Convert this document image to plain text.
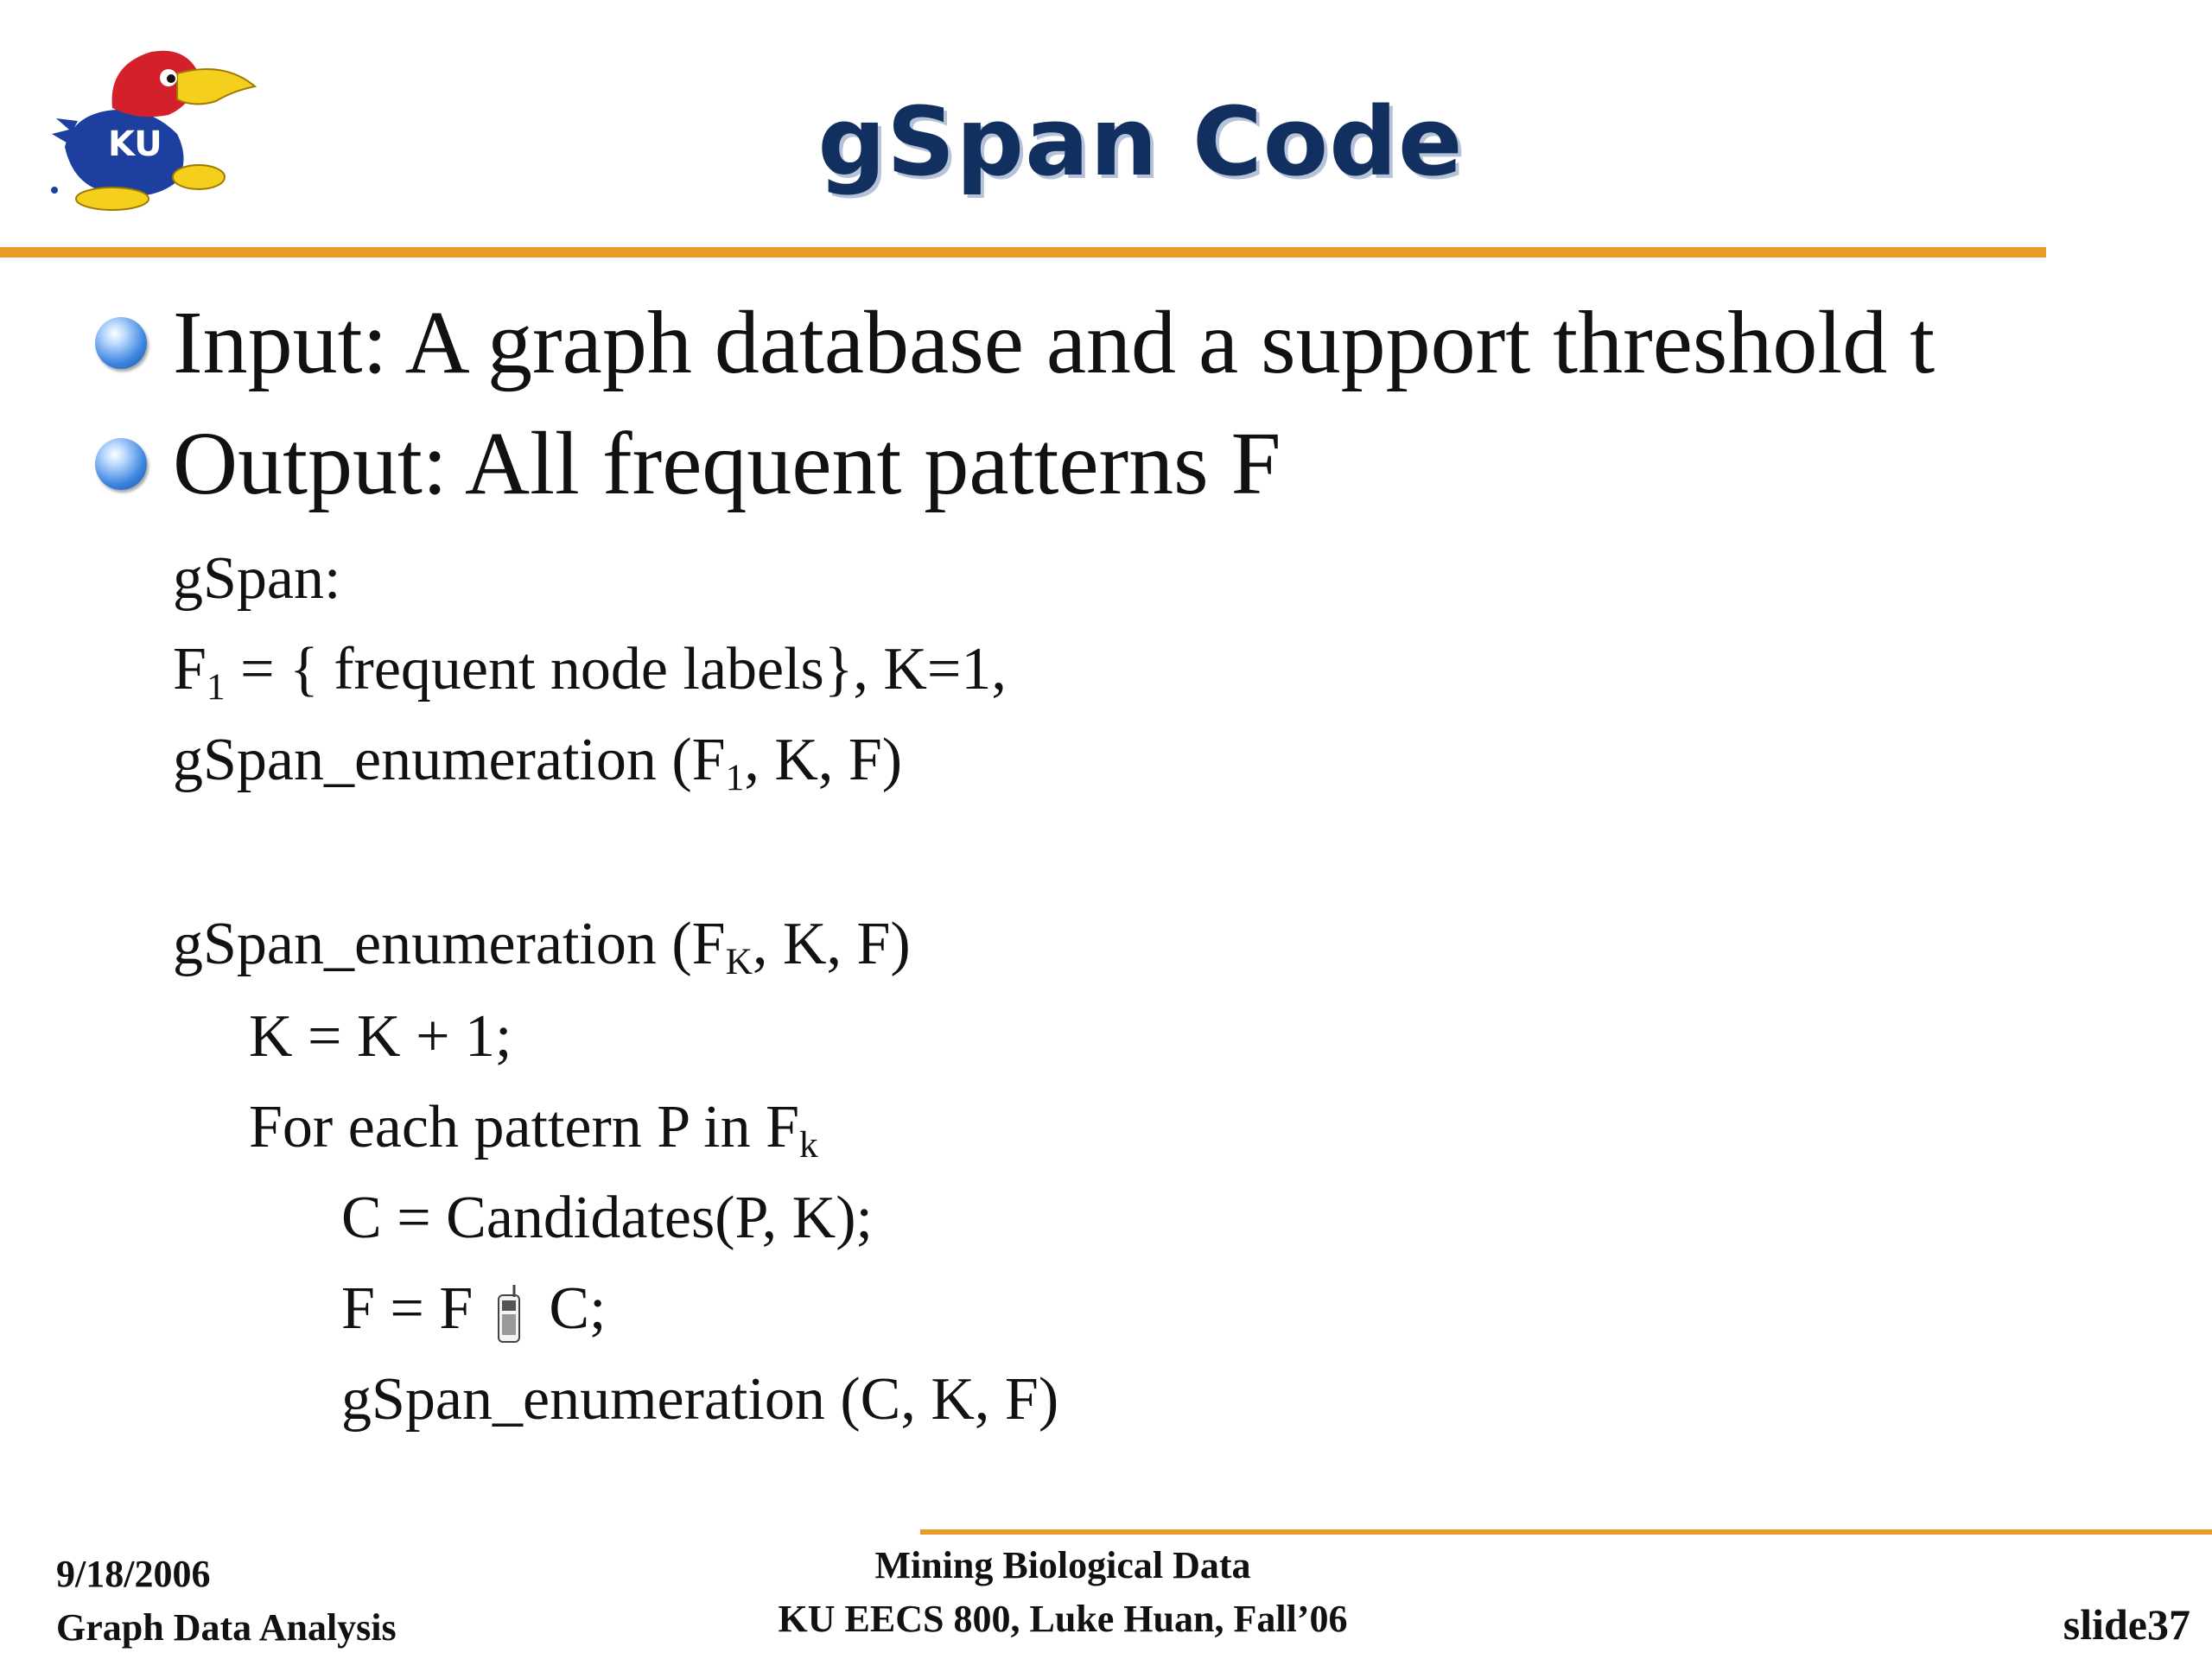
KU	gSpan Code
Input: A graph database and a support threshold t
Output: All frequent patterns F
gSpan:
$F_1$ = { frequent node labels}, K=1,
gSpan_enumeration ($F_1$, K, F)
gSpan_enumeration ($F_K$, K, F)
K = K + 1;
For each pattern P in $F_k$
C = Candidates(P, K);
F = F C;
gSpan_enumeration (C, K, F)
9/18/2006
Graph Data Analysis
Mining Biological Data
KU EECS 800, Luke Huan, Fall’06	slide37
